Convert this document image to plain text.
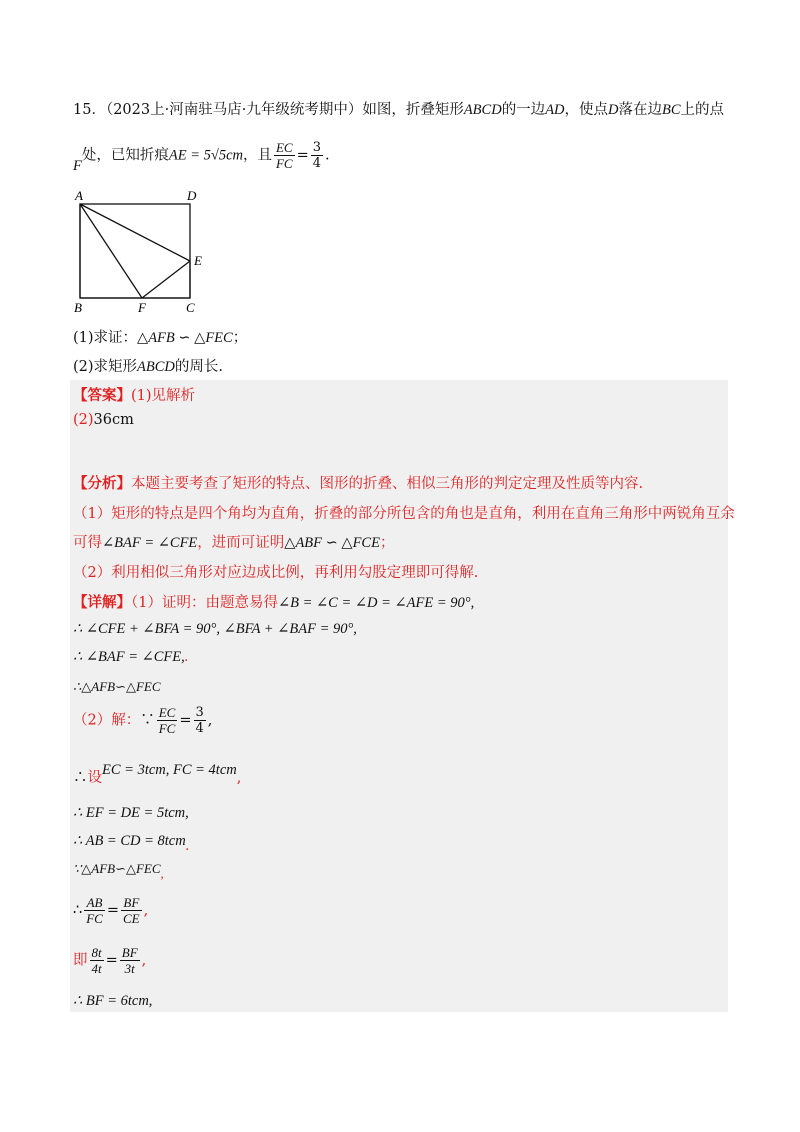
15．（2023上·河南驻马店·九年级统考期中）如图，折叠矩形ABCD的一边AD，使点D落在边BC上的点
F处，已知折痕AE = 5√5cm，且 $\frac{EC}{FC} = \frac{3}{4}$ .
A	D
E
B	F	C
(1)求证：△AFB ∽ △FEC；
(2)求矩形ABCD的周长.
【答案】(1)见解析
(2)36cm
【分析】本题主要考查了矩形的特点、图形的折叠、相似三角形的判定定理及性质等内容.
（1）矩形的特点是四个角均为直角，折叠的部分所包含的角也是直角，利用在直角三角形中两锐角互余
可得∠BAF = ∠CFE，进而可证明△ABF ∽ △FCE；
（2）利用相似三角形对应边成比例，再利用勾股定理即可得解.
【详解】（1）证明：由题意易得∠B = ∠C = ∠D = ∠AFE = 90°,
∴ ∠CFE + ∠BFA = 90°, ∠BFA + ∠BAF = 90°,
∴ ∠BAF = ∠CFE,.
∴△AFB∽△FEC
（2）解：∵ $\frac{EC}{FC} = \frac{3}{4}$ ,
∴设EC = 3tcm, FC = 4tcm,
∴ EF = DE = 5tcm,
∴ AB = CD = 8tcm.
∵△AFB∽△FEC,
∴ $\frac{AB}{FC} = \frac{BF}{CE}$ ,
即 $\frac{8t}{4t} = \frac{BF}{3t}$ ,
∴ BF = 6tcm,
